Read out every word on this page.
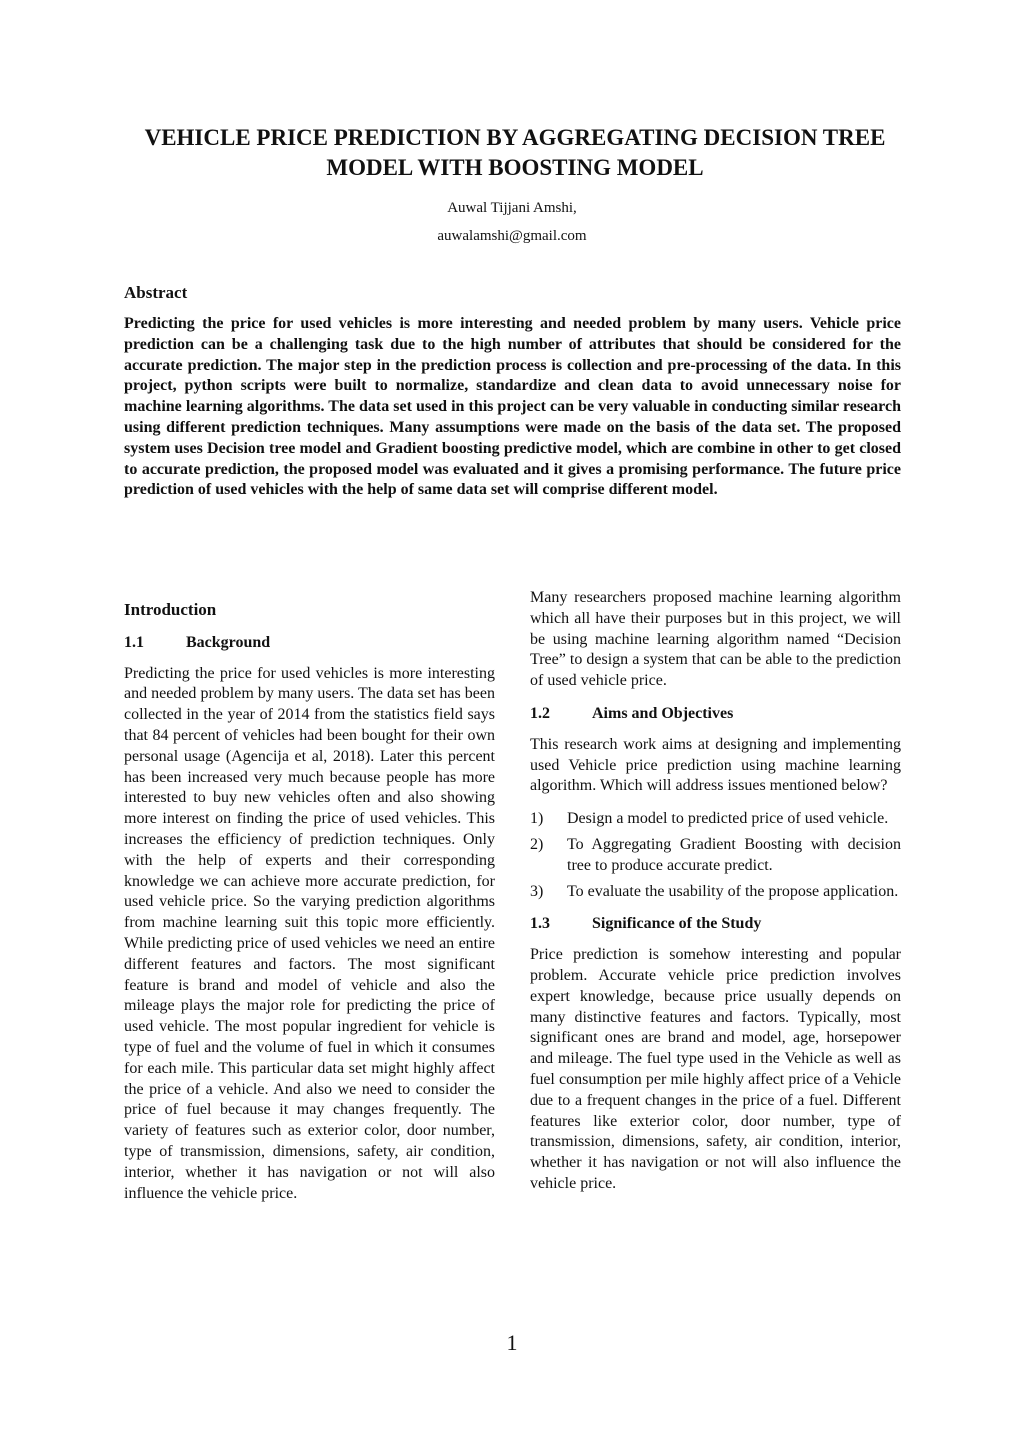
VEHICLE PRICE PREDICTION BY AGGREGATING DECISION TREE MODEL WITH BOOSTING MODEL
Auwal Tijjani Amshi,
auwalamshi@gmail.com
Abstract

Predicting the price for used vehicles is more interesting and needed problem by many users. Vehicle price prediction can be a challenging task due to the high number of attributes that should be considered for the accurate prediction. The major step in the prediction process is collection and pre-processing of the data. In this project, python scripts were built to normalize, standardize and clean data to avoid unnecessary noise for machine learning algorithms. The data set used in this project can be very valuable in conducting similar research using different prediction techniques. Many assumptions were made on the basis of the data set. The proposed system uses Decision tree model and Gradient boosting predictive model, which are combine in other to get closed to accurate prediction, the proposed model was evaluated and it gives a promising performance. The future price prediction of used vehicles with the help of same data set will comprise different model.

Introduction
1.1	Background

Predicting the price for used vehicles is more interesting and needed problem by many users. The data set has been collected in the year of 2014 from the statistics field says that 84 percent of vehicles had been bought for their own personal usage (Agencija et al, 2018). Later this percent has been increased very much because people has more interested to buy new vehicles often and also showing more interest on finding the price of used vehicles. This increases the efficiency of prediction techniques. Only with the help of experts and their corresponding knowledge we can achieve more accurate prediction, for used vehicle price. So the varying prediction algorithms from machine learning suit this topic more efficiently. While predicting price of used vehicles we need an entire different features and factors. The most significant feature is brand and model of vehicle and also the mileage plays the major role for predicting the price of used vehicle. The most popular ingredient for vehicle is type of fuel and the volume of fuel in which it consumes for each mile. This particular data set might highly affect the price of a vehicle. And also we need to consider the price of fuel because it may changes frequently. The variety of features such as exterior color, door number, type of transmission, dimensions, safety, air condition, interior, whether it has navigation or not will also influence the vehicle price.

Many researchers proposed machine learning algorithm which all have their purposes but in this project, we will be using machine learning algorithm named “Decision Tree” to design a system that can be able to the prediction of used vehicle price.

1.2	Aims and Objectives

This research work aims at designing and implementing used Vehicle price prediction using machine learning algorithm. Which will address issues mentioned below?

1)	Design a model to predicted price of used vehicle.
2)	To Aggregating Gradient Boosting with decision tree to produce accurate predict.
3)	To evaluate the usability of the propose application.
1.3	Significance of the Study

Price prediction is somehow interesting and popular problem. Accurate vehicle price prediction involves expert knowledge, because price usually depends on many distinctive features and factors. Typically, most significant ones are brand and model, age, horsepower and mileage. The fuel type used in the Vehicle as well as fuel consumption per mile highly affect price of a Vehicle due to a frequent changes in the price of a fuel. Different features like exterior color, door number, type of transmission, dimensions, safety, air condition, interior, whether it has navigation or not will also influence the vehicle price.

1
